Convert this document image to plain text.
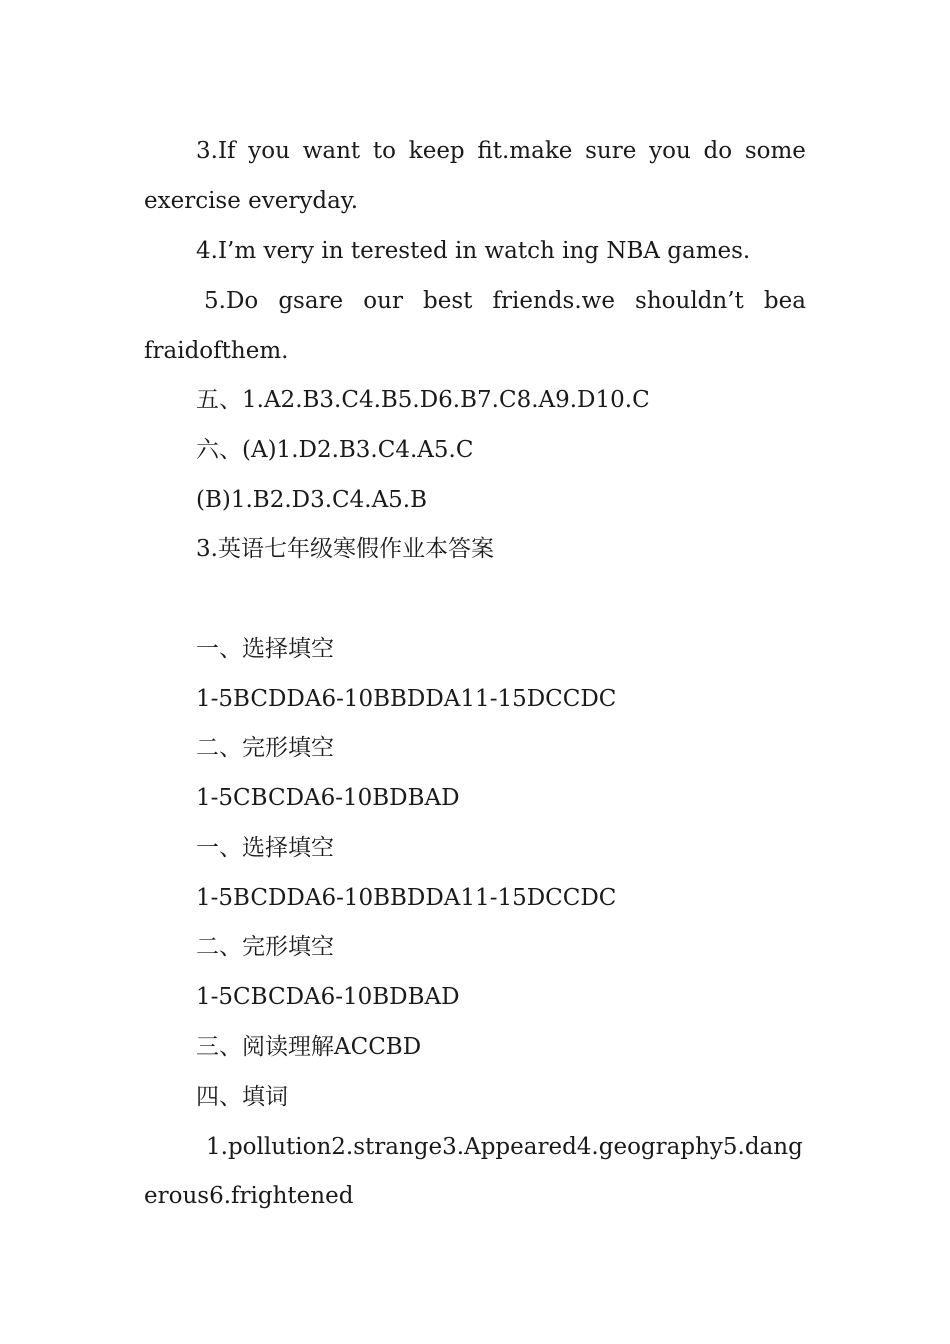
3.If you want to keep fit.make sure you do some
exercise everyday.
4.I’m very in terested in watch ing NBA games.
5.Do gsare our best friends.we shouldn’t bea
fraidofthem.
五、1.A2.B3.C4.B5.D6.B7.C8.A9.D10.C
六、(A)1.D2.B3.C4.A5.C
(B)1.B2.D3.C4.A5.B
3.英语七年级寒假作业本答案
一、选择填空
1-5BCDDA6-10BBDDA11-15DCCDC
二、完形填空
1-5CBCDA6-10BDBAD
一、选择填空
1-5BCDDA6-10BBDDA11-15DCCDC
二、完形填空
1-5CBCDA6-10BDBAD
三、阅读理解ACCBD
四、填词
1.pollution2.strange3.Appeared4.geography5.dang
erous6.frightened
